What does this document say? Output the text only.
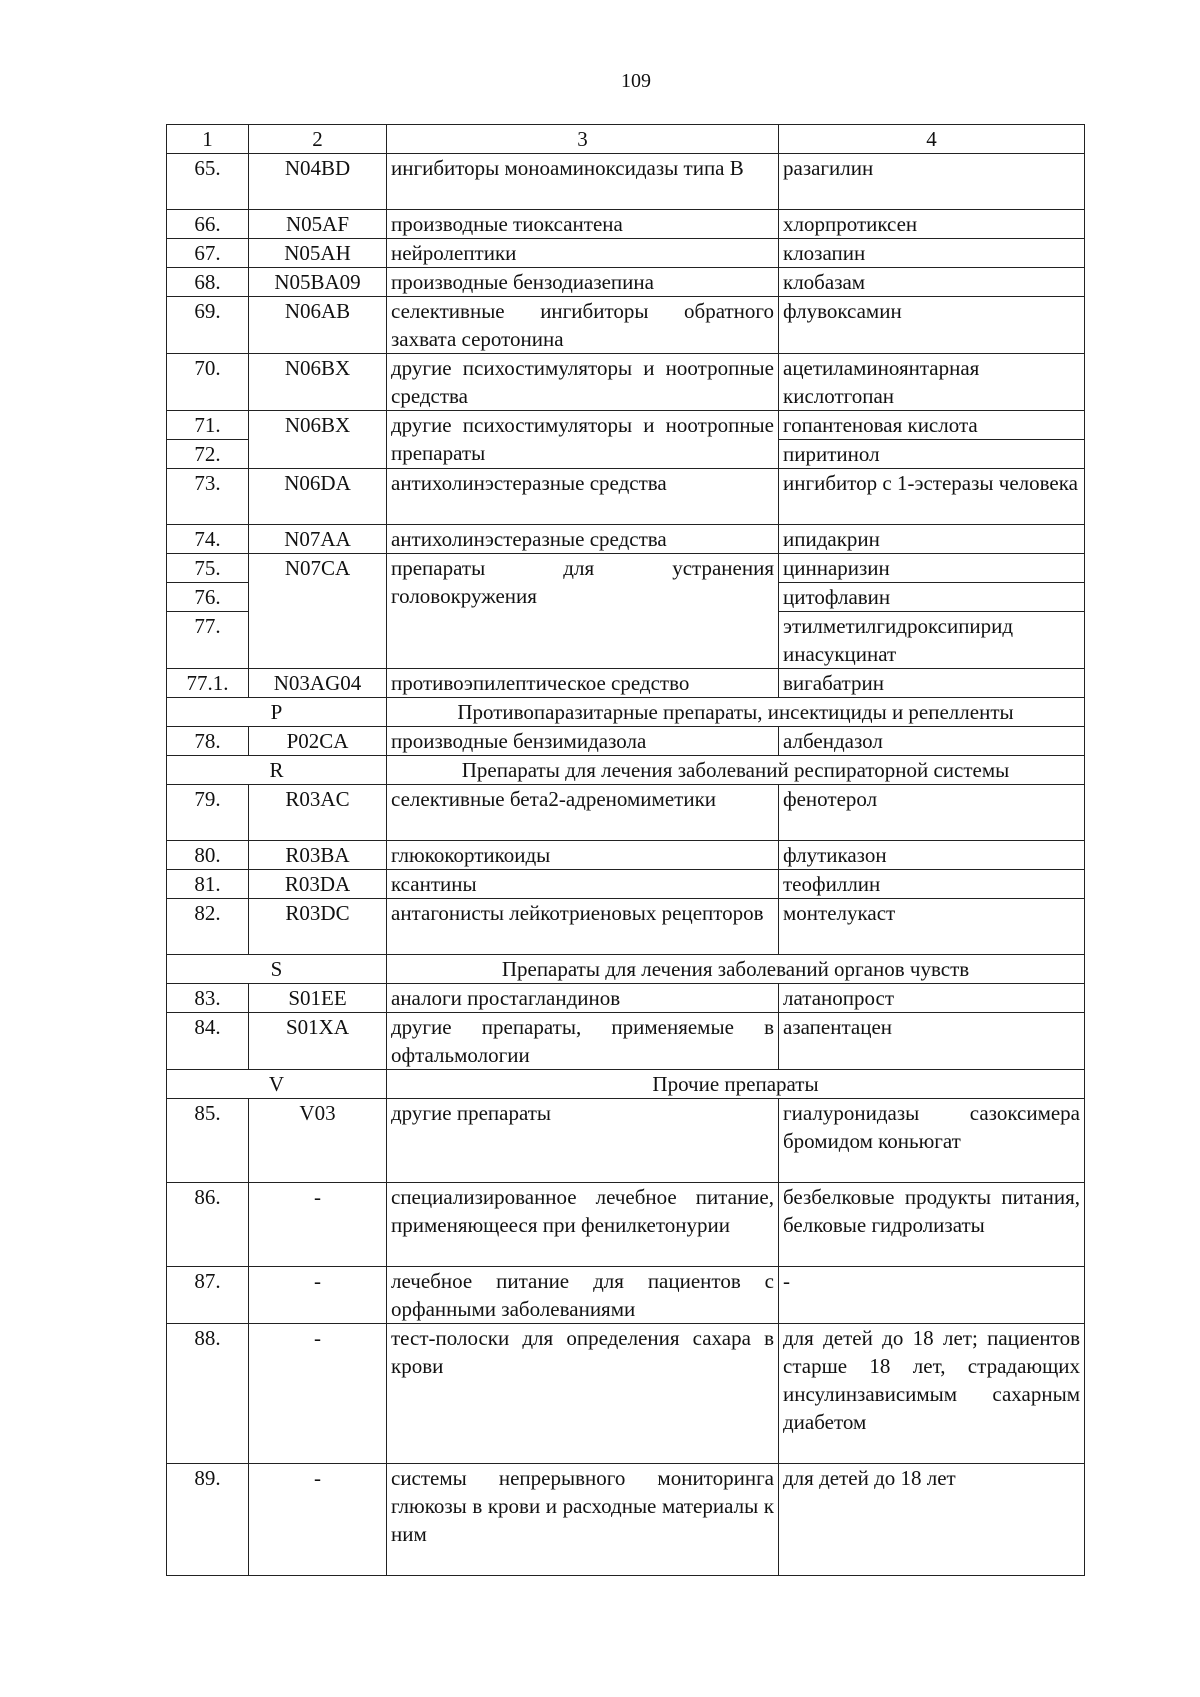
109
1	2	3	4
65.	N04BD	ингибиторы моноаминоксидазы типа B	разагилин
66.	N05AF	производные тиоксантена	хлорпротиксен
67.	N05AH	нейролептики	клозапин
68.	N05BA09	производные бензодиазепина	клобазам
69.	N06AB	селективные ингибиторы обратного захвата серотонина	флувоксамин
70.	N06BX	другие психостимуляторы и ноотропные средства	ацетиламиноянтарная кислотгопан
71.	N06BX	другие психостимуляторы и ноотропные препараты	гопантеновая кислота
72.			пиритинол
73.	N06DA	антихолинэстеразные средства	ингибитор с 1-эстеразы человека
74.	N07AA	антихолинэстеразные средства	ипидакрин
75.	N07CA	препараты для устранения головокружения	циннаризин
76.			цитофлавин
77.			этилметилгидроксипирид инасукцинат
77.1.	N03AG04	противоэпилептическое средство	вигабатрин
P		Противопаразитарные препараты, инсектициды и репелленты	
78.	P02CA	производные бензимидазола	албендазол
R		Препараты для лечения заболеваний респираторной системы	
79.	R03AC	селективные бета2-адреномиметики	фенотерол
80.	R03BA	глюкокортикоиды	флутиказон
81.	R03DA	ксантины	теофиллин
82.	R03DC	антагонисты лейкотриеновых рецепторов	монтелукаст
S		Препараты для лечения заболеваний органов чувств	
83.	S01EE	аналоги простагландинов	латанопрост
84.	S01XA	другие препараты, применяемые в офтальмологии	азапентацен
V		Прочие препараты	
85.	V03	другие препараты	гиалуронидазы сазоксимера бромидом коньюгат
86.	-	специализированное лечебное питание, применяющееся при фенилкетонурии	безбелковые продукты питания, белковые гидролизаты
87.	-	лечебное питание для пациентов с орфанными заболеваниями	-
88.	-	тест-полоски для определения сахара в крови	для детей до 18 лет; пациентов старше 18 лет, страдающих инсулинзависимым сахарным диабетом
89.	-	системы непрерывного мониторинга глюкозы в крови и расходные материалы к ним	для детей до 18 лет
